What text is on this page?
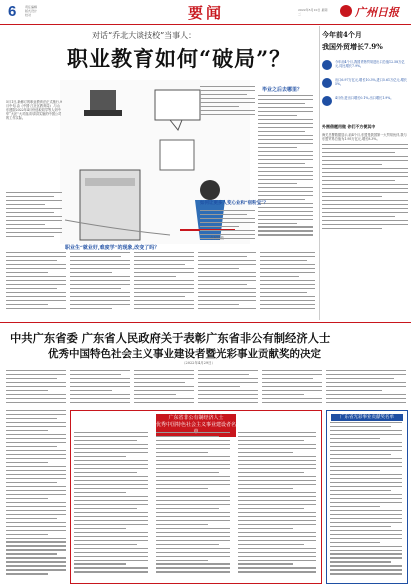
6	责任编辑
版式设计
校对	要闻	2022年5月10日 星期二	广州日报
对话“乔北大谈技校”当事人：
职业教育如何“破局”？
5月1日,新修订的职业教育法正式施行,9月中旬,由《中国·江北区教育局》,与山东建院2022年4月份选取同学等人到中华“大匠”大对面,即讲讲实施的中国公司的工作实际。
毕业之后去哪里？
如何让更多人变心业和“宿粉宝”？
职业生“就业好,难度学”的现象,改变了吗？
今年前4个月
我国外贸增长7.9%
今年前4个月,我国货物贸易进出口总值12.58万亿元,同比增长7.9%。
出口6.97万亿元,增长10.3%,进口5.61万亿元,增长5%。
4月份,进出口增长0.1%,出口增长1.9%。
外围借题用做 你们不方便其中
海关总署数据显示,前4个月,东盟是我国第一大贸易伙伴,我与东盟贸易总值为1.95万亿元,增长8.3%。
中共广东省委 广东省人民政府关于表彰广东省非公有制经济人士
优秀中国特色社会主义事业建设者暨光彩事业贡献奖的决定
（2022年4月29日）
广东省非公有制经济人士
优秀中国特色社会主义事业建设者名
广东省光彩事业贡献奖名单
